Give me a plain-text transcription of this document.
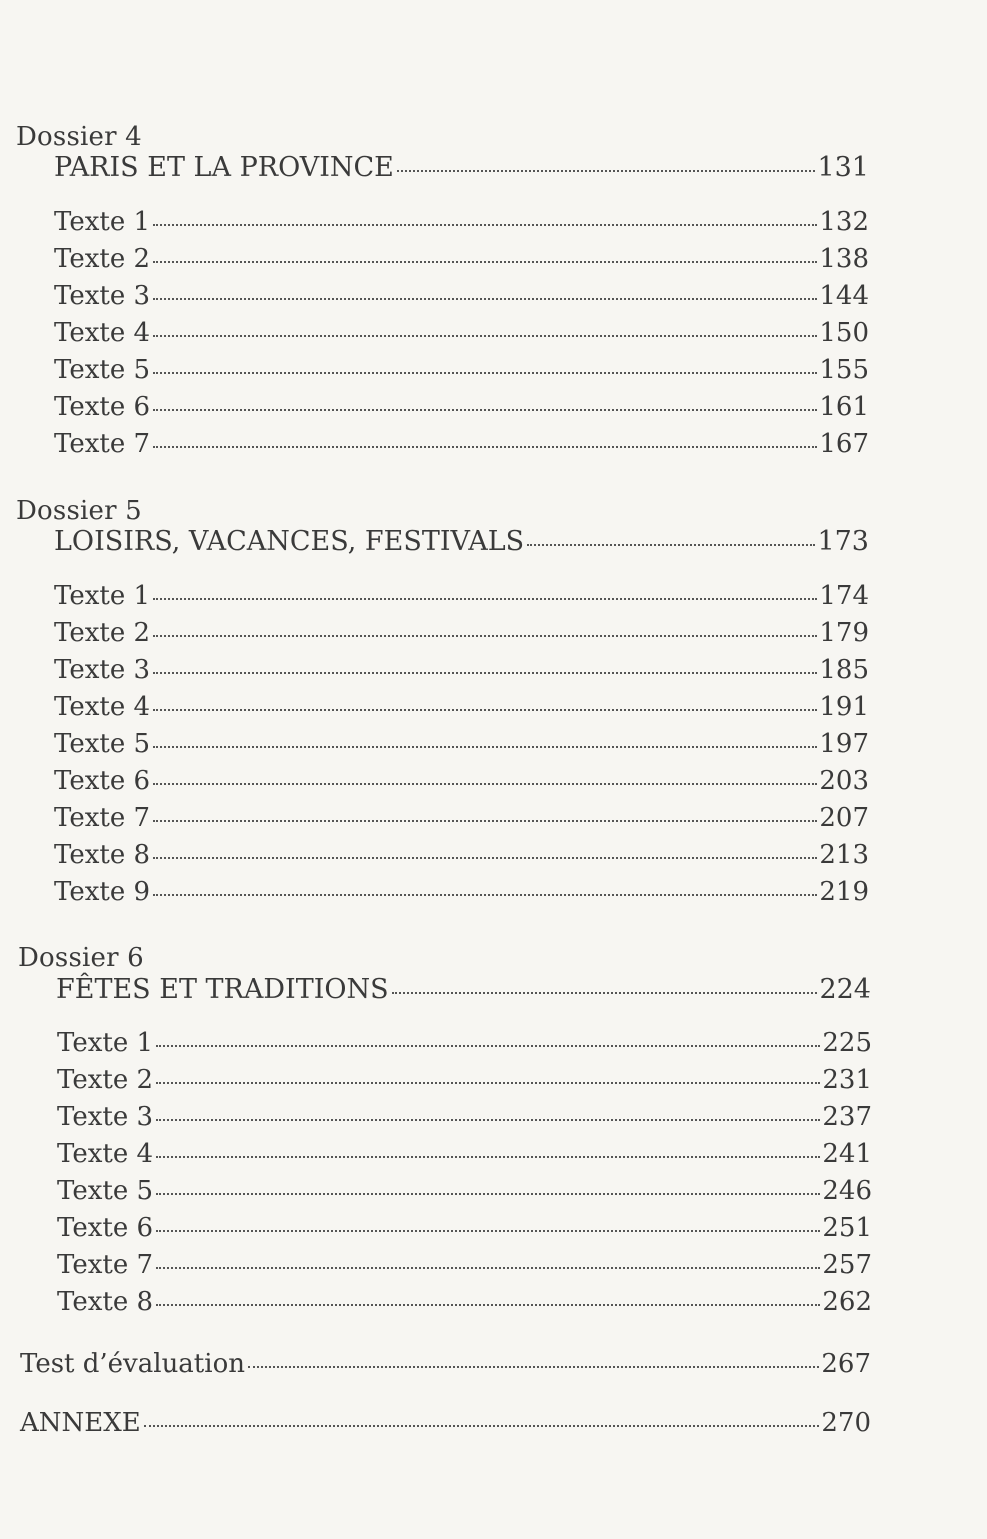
Dossier 4
PARIS ET LA PROVINCE	131
Texte 1	132
Texte 2	138
Texte 3	144
Texte 4	150
Texte 5	155
Texte 6	161
Texte 7	167
Dossier 5
LOISIRS, VACANCES, FESTIVALS	173
Texte 1	174
Texte 2	179
Texte 3	185
Texte 4	191
Texte 5	197
Texte 6	203
Texte 7	207
Texte 8	213
Texte 9	219
Dossier 6
FÊTES ET TRADITIONS	224
Texte 1	225
Texte 2	231
Texte 3	237
Texte 4	241
Texte 5	246
Texte 6	251
Texte 7	257
Texte 8	262
Test d’évaluation	267
ANNEXE	270
